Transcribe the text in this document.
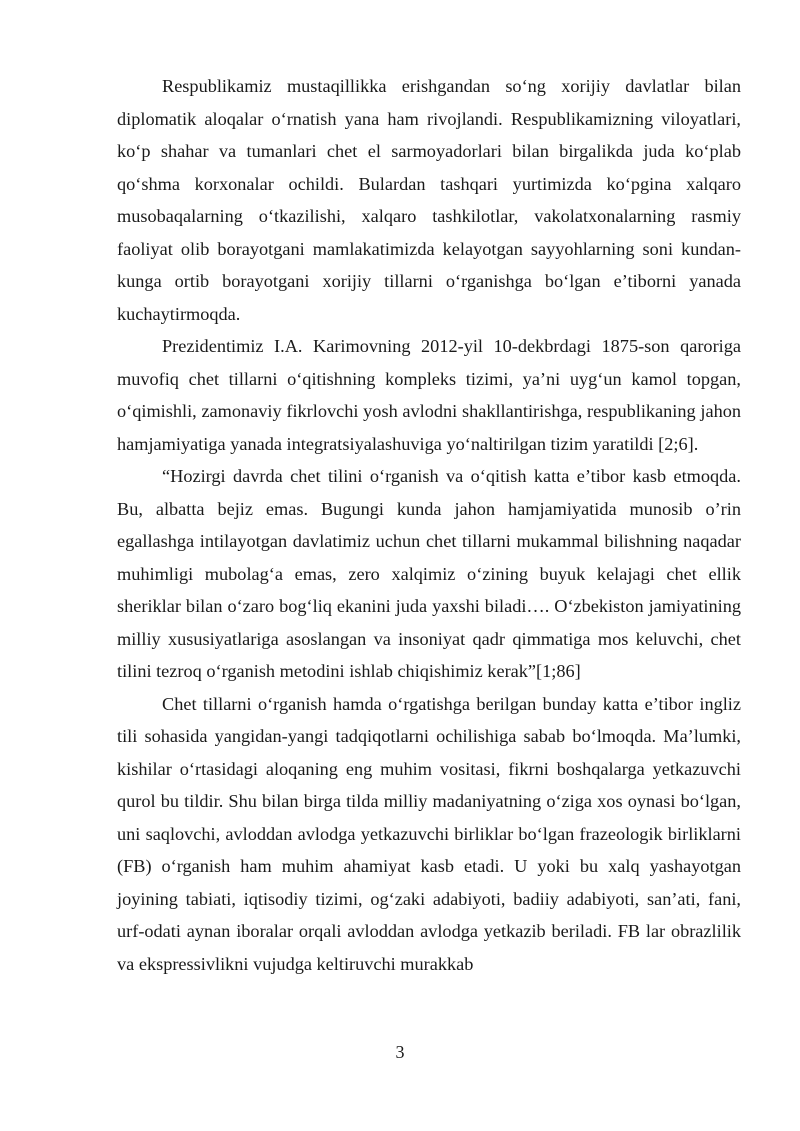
Respublikamiz mustaqillikka erishgandan so‘ng xorijiy davlatlar bilan diplomatik aloqalar o‘rnatish yana ham rivojlandi. Respublikamizning viloyatlari, ko‘p shahar va tumanlari chet el sarmoyadorlari bilan birgalikda juda ko‘plab qo‘shma korxonalar ochildi. Bulardan tashqari yurtimizda ko‘pgina xalqaro musobaqalarning o‘tkazilishi, xalqaro tashkilotlar, vakolatxonalarning rasmiy faoliyat olib borayotgani mamlakatimizda kelayotgan sayyohlarning soni kundan-kunga ortib borayotgani xorijiy tillarni o‘rganishga bo‘lgan e’tiborni yanada kuchaytirmoqda.

Prezidentimiz I.A. Karimovning 2012-yil 10-dekbrdagi 1875-son qaroriga muvofiq chet tillarni o‘qitishning kompleks tizimi, ya’ni uyg‘un kamol topgan, o‘qimishli, zamonaviy fikrlovchi yosh avlodni shakllantirishga, respublikaning jahon hamjamiyatiga yanada integratsiyalashuviga yo‘naltirilgan tizim yaratildi [2;6].

“Hozirgi davrda chet tilini o‘rganish va o‘qitish katta e’tibor kasb etmoqda. Bu, albatta bejiz emas. Bugungi kunda jahon hamjamiyatida munosib o’rin egallashga intilayotgan davlatimiz uchun chet tillarni mukammal bilishning naqadar muhimligi mubolag‘a emas, zero xalqimiz o‘zining buyuk kelajagi chet ellik sheriklar bilan o‘zaro bog‘liq ekanini juda yaxshi biladi…. O‘zbekiston jamiyatining milliy xususiyatlariga asoslangan va insoniyat qadr qimmatiga mos keluvchi, chet tilini tezroq o‘rganish metodini ishlab chiqishimiz kerak”[1;86]

Chet tillarni o‘rganish hamda o‘rgatishga berilgan bunday katta e’tibor ingliz tili sohasida yangidan-yangi tadqiqotlarni ochilishiga sabab bo‘lmoqda. Ma’lumki, kishilar o‘rtasidagi aloqaning eng muhim vositasi, fikrni boshqalarga yetkazuvchi qurol bu tildir. Shu bilan birga tilda milliy madaniyatning o‘ziga xos oynasi bo‘lgan, uni saqlovchi, avloddan avlodga yetkazuvchi birliklar bo‘lgan frazeologik birliklarni (FB) o‘rganish ham muhim ahamiyat kasb etadi. U yoki bu xalq yashayotgan joyining tabiati, iqtisodiy tizimi, og‘zaki adabiyoti, badiiy adabiyoti, san’ati, fani, urf-odati aynan iboralar orqali avloddan avlodga yetkazib beriladi. FB lar obrazlilik va ekspressivlikni vujudga keltiruvchi murakkab

3
